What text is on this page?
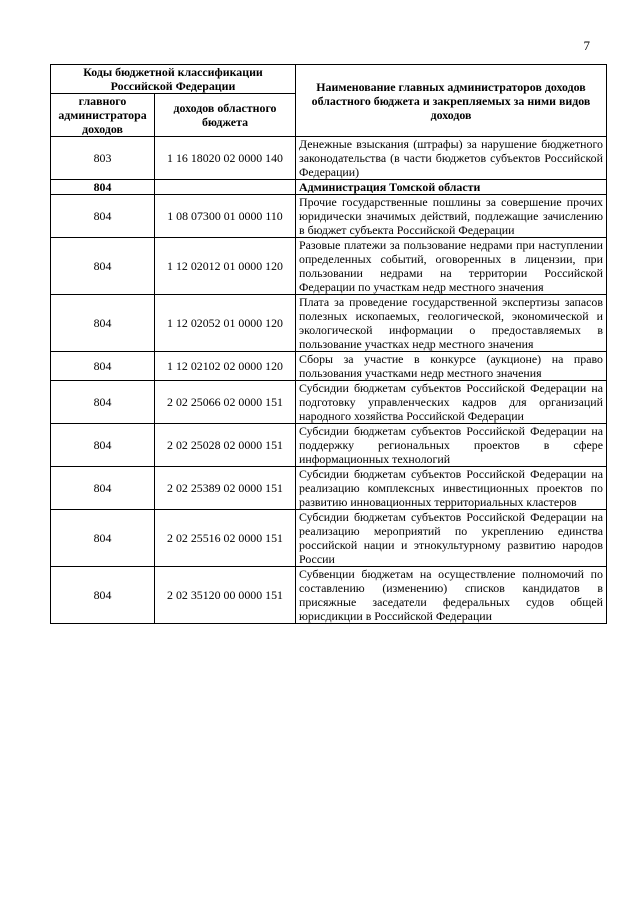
7
Коды бюджетной классификации Российской Федерации		Наименование главных администраторов доходов областного бюджета и закрепляемых за ними видов доходов
главного администратора доходов	доходов областного бюджета	
803	1 16 18020 02 0000 140	Денежные взыскания (штрафы) за нарушение бюджетного законодательства (в части бюджетов субъектов Российской Федерации)
804		Администрация Томской области
804	1 08 07300 01 0000 110	Прочие государственные пошлины за совершение прочих юридически значимых действий, подлежащие зачислению в бюджет субъекта Российской Федерации
804	1 12 02012 01 0000 120	Разовые платежи за пользование недрами при наступлении определенных событий, оговоренных в лицензии, при пользовании недрами на территории Российской Федерации по участкам недр местного значения
804	1 12 02052 01 0000 120	Плата за проведение государственной экспертизы запасов полезных ископаемых, геологической, экономической и экологической информации о предоставляемых в пользование участках недр местного значения
804	1 12 02102 02 0000 120	Сборы за участие в конкурсе (аукционе) на право пользования участками недр местного значения
804	2 02 25066 02 0000 151	Субсидии бюджетам субъектов Российской Федерации на подготовку управленческих кадров для организаций народного хозяйства Российской Федерации
804	2 02 25028 02 0000 151	Субсидии бюджетам субъектов Российской Федерации на поддержку региональных проектов в сфере информационных технологий
804	2 02 25389 02 0000 151	Субсидии бюджетам субъектов Российской Федерации на реализацию комплексных инвестиционных проектов по развитию инновационных территориальных кластеров
804	2 02 25516 02 0000 151	Субсидии бюджетам субъектов Российской Федерации на реализацию мероприятий по укреплению единства российской нации и этнокультурному развитию народов России
804	2 02 35120 00 0000 151	Субвенции бюджетам на осуществление полномочий по составлению (изменению) списков кандидатов в присяжные заседатели федеральных судов общей юрисдикции в Российской Федерации
